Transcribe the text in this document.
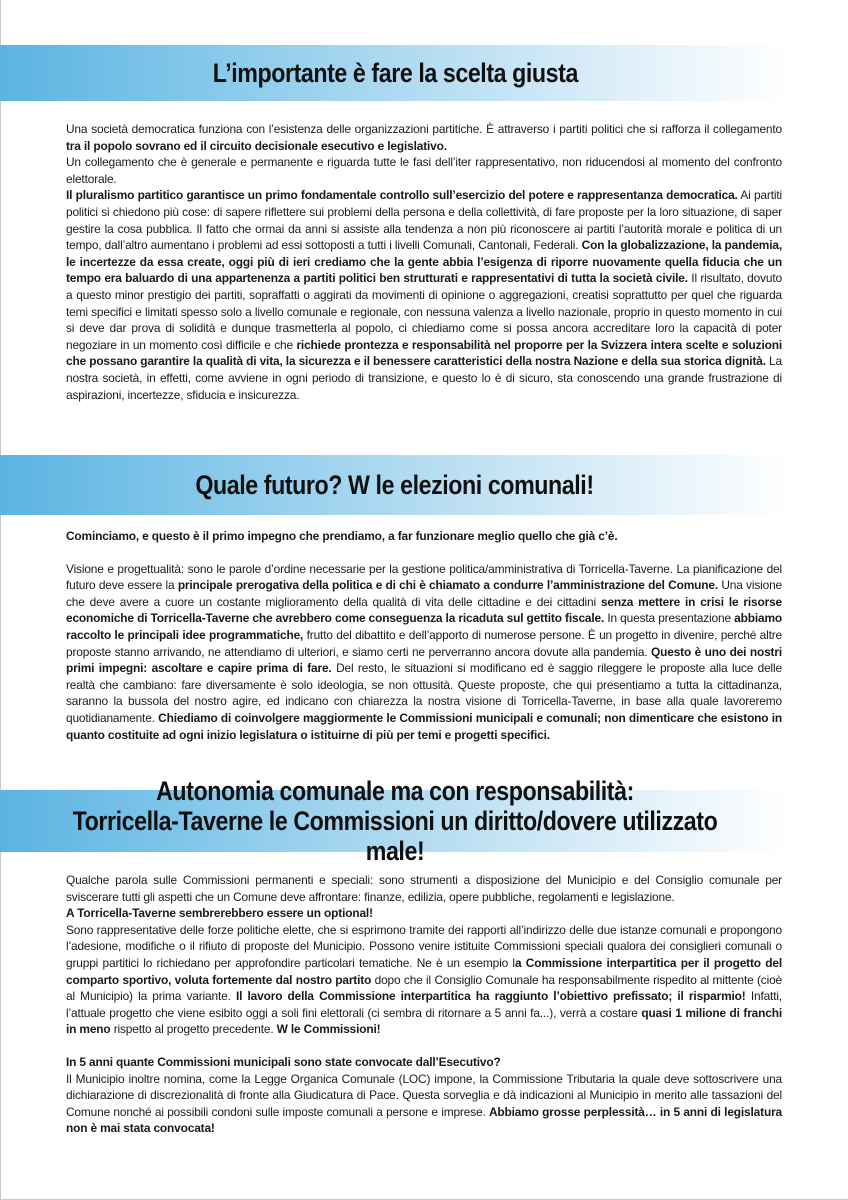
L’importante è fare la scelta giusta

Una società democratica funziona con l’esistenza delle organizzazioni partitiche. È attraverso i partiti politici che si rafforza il collegamento tra il popolo sovrano ed il circuito decisionale esecutivo e legislativo.

Un collegamento che è generale e permanente e riguarda tutte le fasi dell’iter rappresentativo, non riducendosi al momento del confronto elettorale.

Il pluralismo partitico garantisce un primo fondamentale controllo sull’esercizio del potere e rappresentanza democratica. Ai partiti politici si chiedono più cose: di sapere riflettere sui problemi della persona e della collettività, di fare proposte per la loro situazione, di saper gestire la cosa pubblica. Il fatto che ormai da anni si assiste alla tendenza a non più riconoscere ai partiti l’autorità morale e politica di un tempo, dall’altro aumentano i problemi ad essi sottoposti a tutti i livelli Comunali, Cantonali, Federali. Con la globalizzazione, la pandemia, le incertezze da essa create, oggi più di ieri crediamo che la gente abbia l’esigenza di riporre nuovamente quella fiducia che un tempo era baluardo di una appartenenza a partiti politici ben strutturati e rappresentativi di tutta la società civile. Il risultato, dovuto a questo minor prestigio dei partiti, sopraffatti o aggirati da movimenti di opinione o aggregazioni, creatisi soprattutto per quel che riguarda temi specifici e limitati spesso solo a livello comunale e regionale, con nessuna valenza a livello nazionale, proprio in questo momento in cui si deve dar prova di solidità e dunque trasmetterla al popolo, ci chiediamo come si possa ancora accreditare loro la capacità di poter negoziare in un momento così difficile e che richiede prontezza e responsabilità nel proporre per la Svizzera intera scelte e soluzioni che possano garantire la qualità di vita, la sicurezza e il benessere caratteristici della nostra Nazione e della sua storica dignità. La nostra società, in effetti, come avviene in ogni periodo di transizione, e questo lo è di sicuro, sta conoscendo una grande frustrazione di aspirazioni, incertezze, sfiducia e insicurezza.

Quale futuro? W le elezioni comunali!

Cominciamo, e questo è il primo impegno che prendiamo, a far funzionare meglio quello che già c’è.

Visione e progettualità: sono le parole d’ordine necessarie per la gestione politica/amministrativa di Torricella-Taverne. La pianificazione del futuro deve essere la principale prerogativa della politica e di chi è chiamato a condurre l’amministrazione del Comune. Una visione che deve avere a cuore un costante miglioramento della qualità di vita delle cittadine e dei cittadini senza mettere in crisi le risorse economiche di Torricella-Taverne che avrebbero come conseguenza la ricaduta sul gettito fiscale. In questa presentazione abbiamo raccolto le principali idee programmatiche, frutto del dibattito e dell’apporto di numerose persone. È un progetto in divenire, perché altre proposte stanno arrivando, ne attendiamo di ulteriori, e siamo certi ne perverranno ancora dovute alla pandemia. Questo è uno dei nostri primi impegni: ascoltare e capire prima di fare. Del resto, le situazioni si modificano ed è saggio rileggere le proposte alla luce delle realtà che cambiano: fare diversamente è solo ideologia, se non ottusità. Queste proposte, che qui presentiamo a tutta la cittadinanza, saranno la bussola del nostro agire, ed indicano con chiarezza la nostra visione di Torricella-Taverne, in base alla quale lavoreremo quotidianamente. Chiediamo di coinvolgere maggiormente le Commissioni municipali e comunali; non dimenticare che esistono in quanto costituite ad ogni inizio legislatura o istituirne di più per temi e progetti specifici.

Autonomia comunale ma con responsabilità:
Torricella-Taverne le Commissioni un diritto/dovere utilizzato male!

Qualche parola sulle Commissioni permanenti e speciali: sono strumenti a disposizione del Municipio e del Consiglio comunale per sviscerare tutti gli aspetti che un Comune deve affrontare: finanze, edilizia, opere pubbliche, regolamenti e legislazione.

A Torricella-Taverne sembrerebbero essere un optional!

Sono rappresentative delle forze politiche elette, che si esprimono tramite dei rapporti all’indirizzo delle due istanze comunali e propongono l’adesione, modifiche o il rifiuto di proposte del Municipio. Possono venire istituite Commissioni speciali qualora dei consiglieri comunali o gruppi partitici lo richiedano per approfondire particolari tematiche. Ne è un esempio la Commissione interpartitica per il progetto del comparto sportivo, voluta fortemente dal nostro partito dopo che il Consiglio Comunale ha responsabilmente rispedito al mittente (cioè al Municipio) la prima variante. Il lavoro della Commissione interpartitica ha raggiunto l’obiettivo prefissato; il risparmio! Infatti, l’attuale progetto che viene esibito oggi a soli fini elettorali (ci sembra di ritornare a 5 anni fa...), verrà a costare quasi 1 milione di franchi in meno rispetto al progetto precedente. W le Commissioni!

In 5 anni quante Commissioni municipali sono state convocate dall’Esecutivo?

Il Municipio inoltre nomina, come la Legge Organica Comunale (LOC) impone, la Commissione Tributaria la quale deve sottoscrivere una dichiarazione di discrezionalità di fronte alla Giudicatura di Pace. Questa sorveglia e dà indicazioni al Municipio in merito alle tassazioni del Comune nonché ai possibili condoni sulle imposte comunali a persone e imprese. Abbiamo grosse perplessità… in 5 anni di legislatura non è mai stata convocata!
